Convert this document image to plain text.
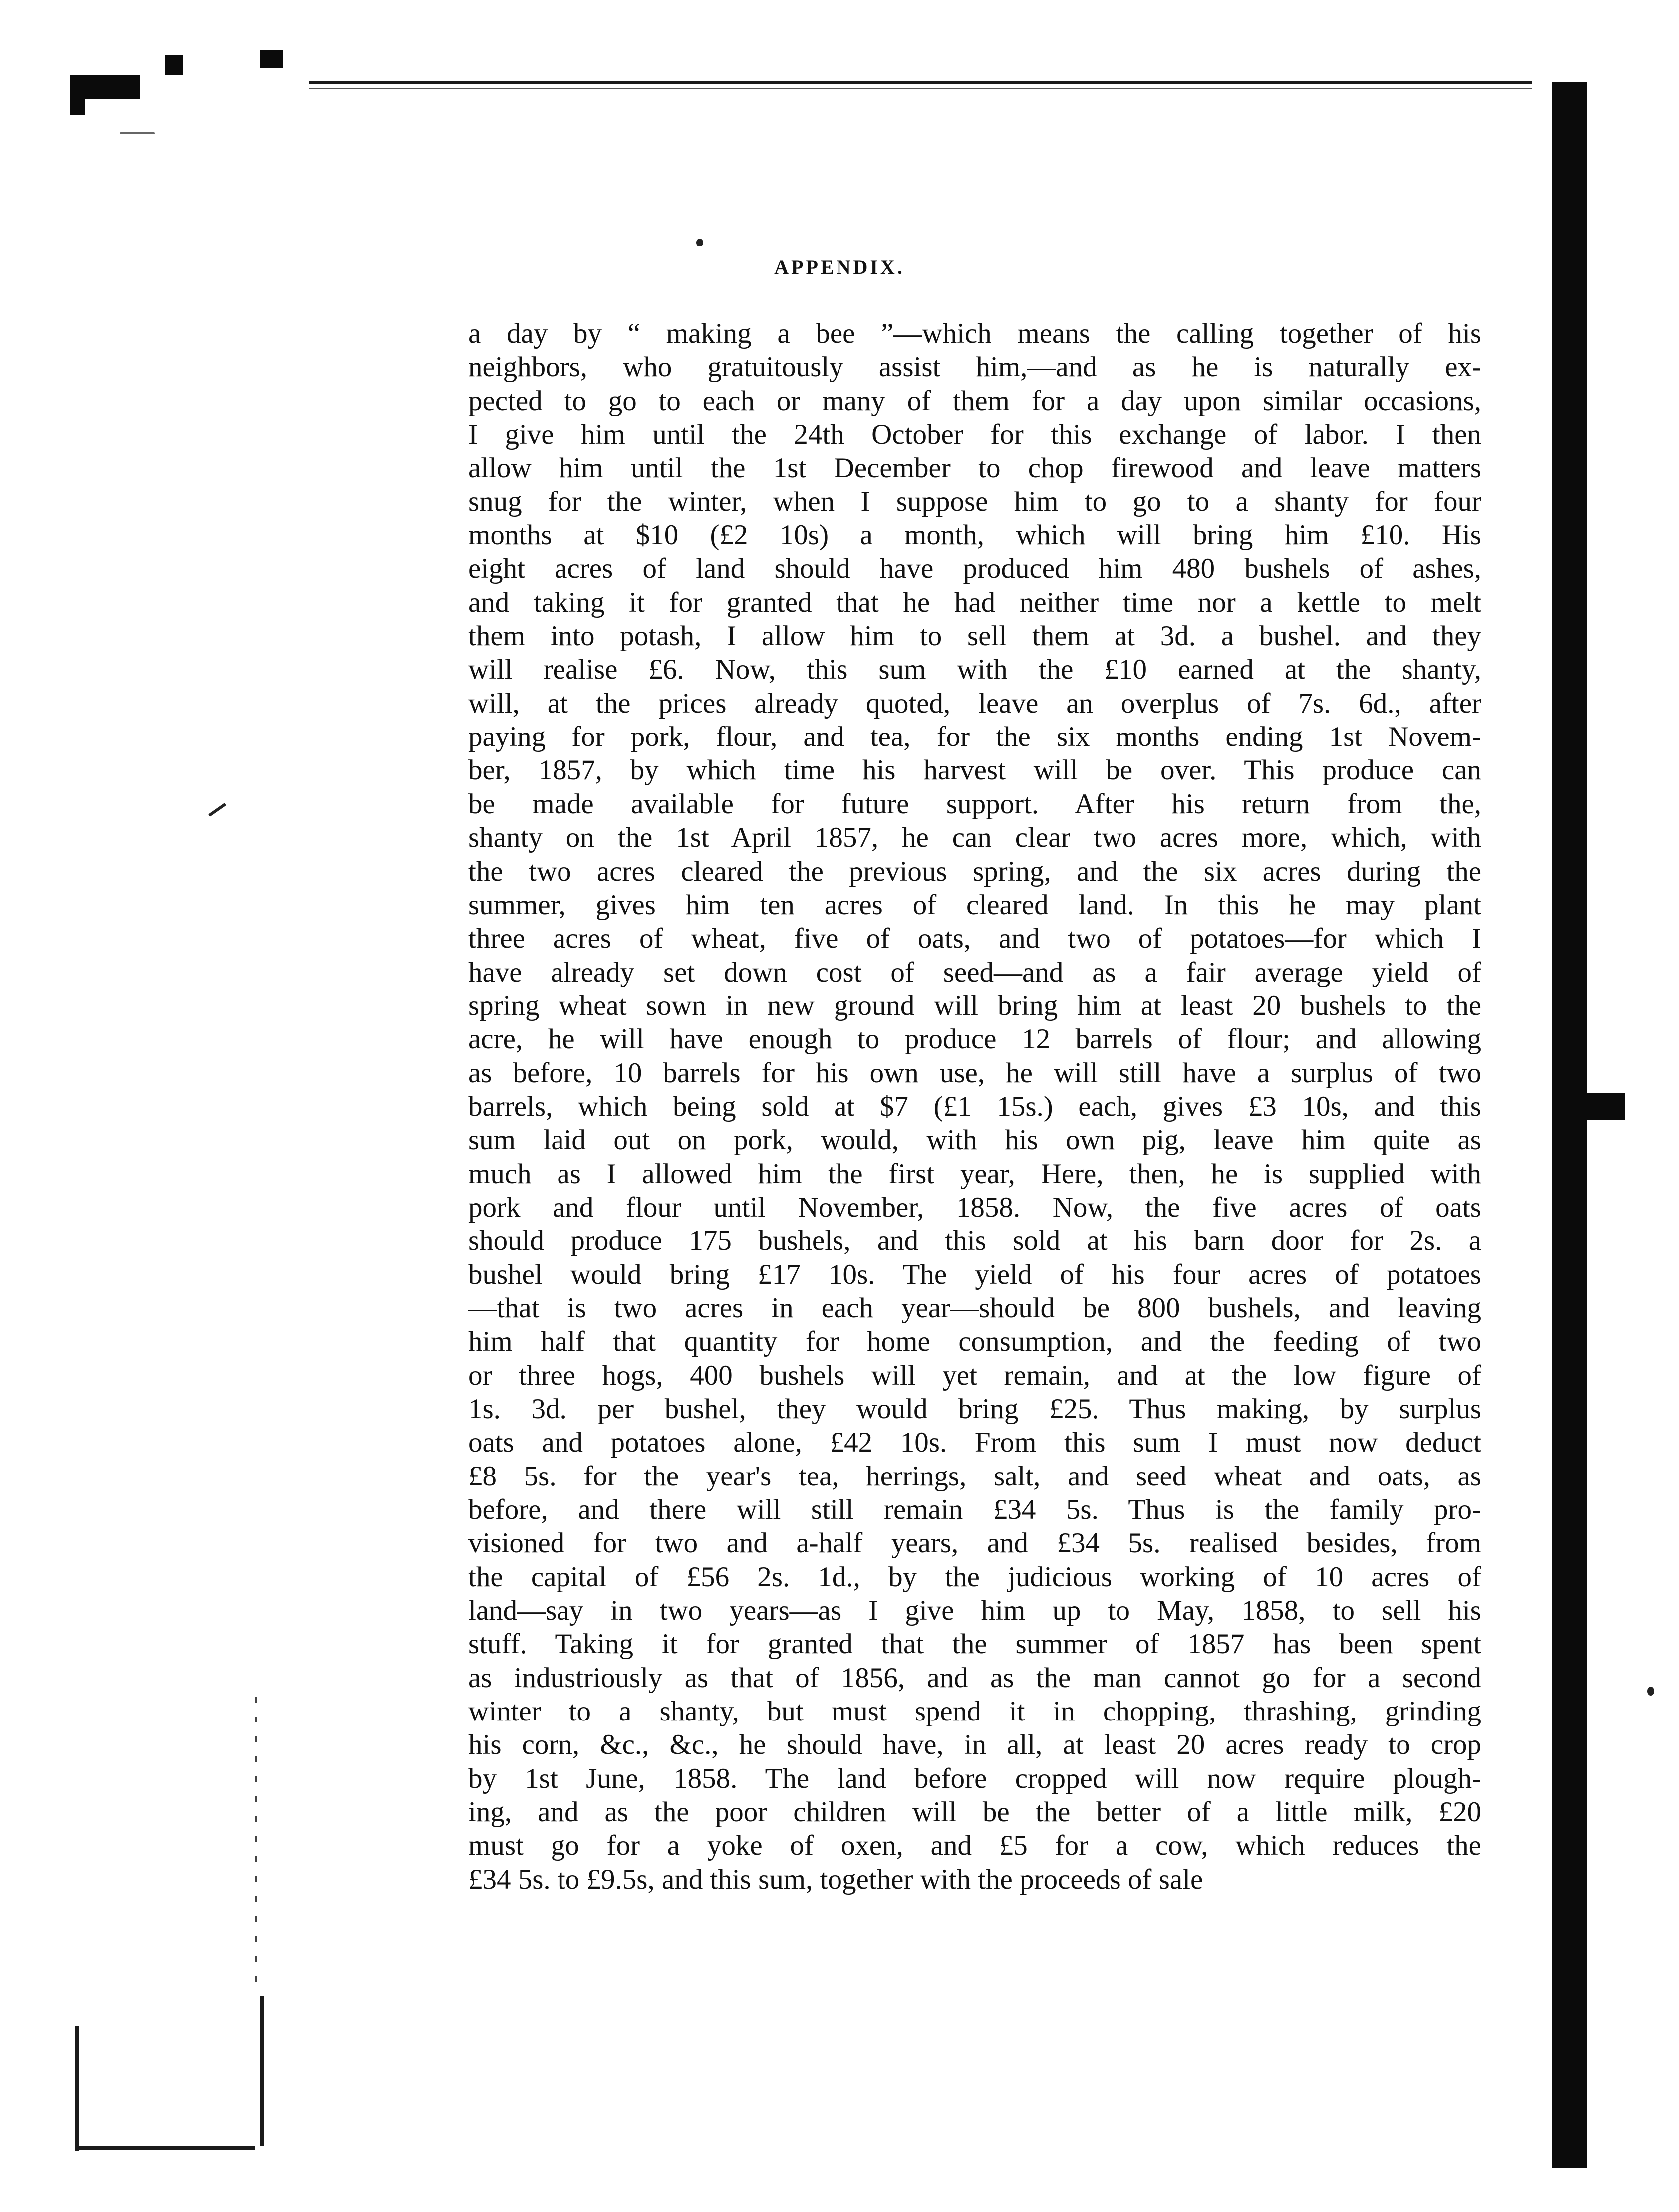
APPENDIX.
a day by “ making a bee ”—which means the calling together of his
neighbors, who gratuitously assist him,—and as he is naturally ex-
pected to go to each or many of them for a day upon similar occasions,
I give him until the 24th October for this exchange of labor. I then
allow him until the 1st December to chop firewood and leave matters
snug for the winter, when I suppose him to go to a shanty for four
months at $10 (£2 10s) a month, which will bring him £10. His
eight acres of land should have produced him 480 bushels of ashes,
and taking it for granted that he had neither time nor a kettle to melt
them into potash, I allow him to sell them at 3d. a bushel. and they
will realise £6. Now, this sum with the £10 earned at the shanty,
will, at the prices already quoted, leave an overplus of 7s. 6d., after
paying for pork, flour, and tea, for the six months ending 1st Novem-
ber, 1857, by which time his harvest will be over. This produce can
be made available for future support. After his return from the,
shanty on the 1st April 1857, he can clear two acres more, which, with
the two acres cleared the previous spring, and the six acres during the
summer, gives him ten acres of cleared land. In this he may plant
three acres of wheat, five of oats, and two of potatoes—for which I
have already set down cost of seed—and as a fair average yield of
spring wheat sown in new ground will bring him at least 20 bushels to the
acre, he will have enough to produce 12 barrels of flour; and allowing
as before, 10 barrels for his own use, he will still have a surplus of two
barrels, which being sold at $7 (£1 15s.) each, gives £3 10s, and this
sum laid out on pork, would, with his own pig, leave him quite as
much as I allowed him the first year, Here, then, he is supplied with
pork and flour until November, 1858. Now, the five acres of oats
should produce 175 bushels, and this sold at his barn door for 2s. a
bushel would bring £17 10s. The yield of his four acres of potatoes
—that is two acres in each year—should be 800 bushels, and leaving
him half that quantity for home consumption, and the feeding of two
or three hogs, 400 bushels will yet remain, and at the low figure of
1s. 3d. per bushel, they would bring £25. Thus making, by surplus
oats and potatoes alone, £42 10s. From this sum I must now deduct
£8 5s. for the year's tea, herrings, salt, and seed wheat and oats, as
before, and there will still remain £34 5s. Thus is the family pro-
visioned for two and a-half years, and £34 5s. realised besides, from
the capital of £56 2s. 1d., by the judicious working of 10 acres of
land—say in two years—as I give him up to May, 1858, to sell his
stuff. Taking it for granted that the summer of 1857 has been spent
as industriously as that of 1856, and as the man cannot go for a second
winter to a shanty, but must spend it in chopping, thrashing, grinding
his corn, &c., &c., he should have, in all, at least 20 acres ready to crop
by 1st June, 1858. The land before cropped will now require plough-
ing, and as the poor children will be the better of a little milk, £20
must go for a yoke of oxen, and £5 for a cow, which reduces the
£34 5s. to £9.5s, and this sum, together with the proceeds of sale
